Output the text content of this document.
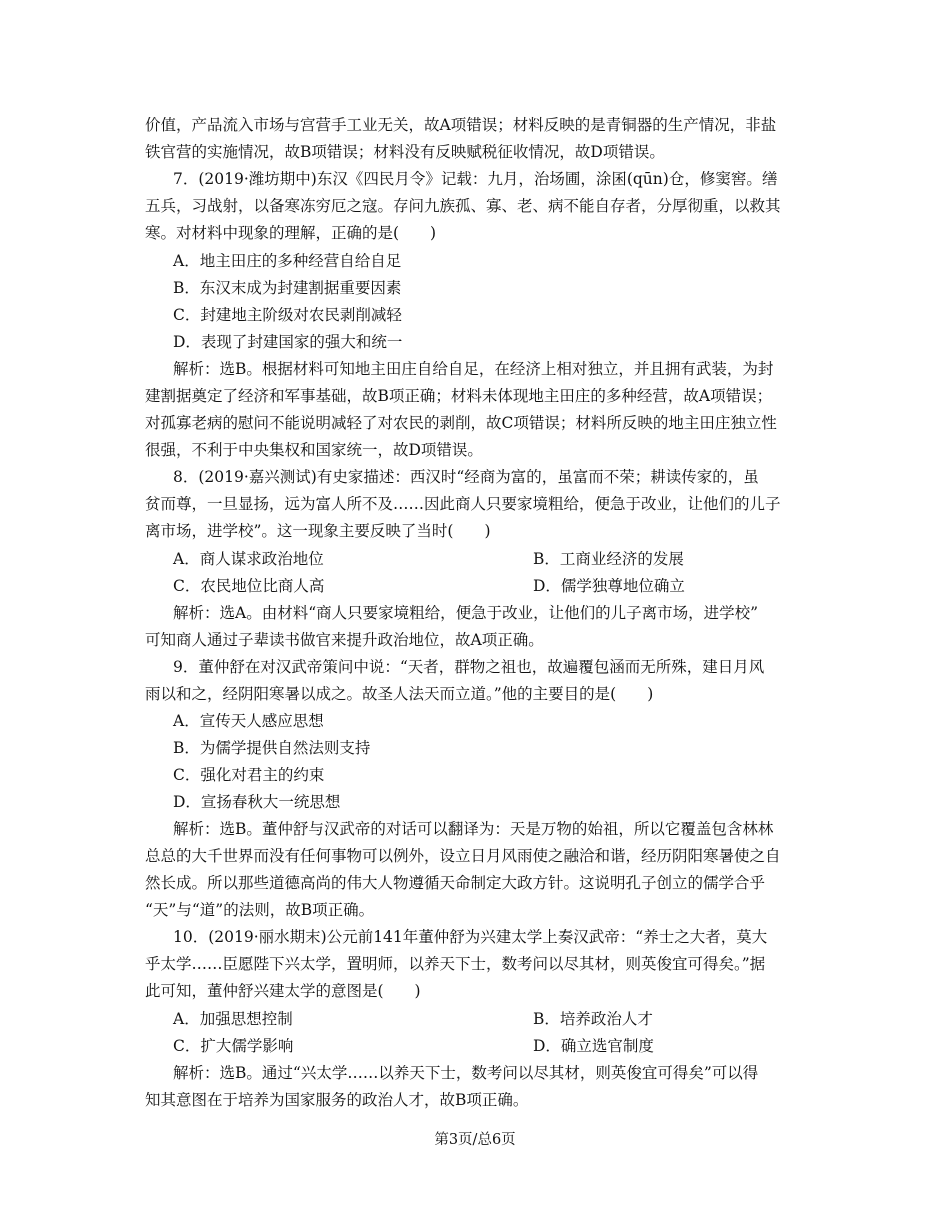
价值，产品流入市场与宫营手工业无关，故A项错误；材料反映的是青铜器的生产情况，非盐
铁官营的实施情况，故B项错误；材料没有反映赋税征收情况，故D项错误。
7．(2019·潍坊期中)东汉《四民月令》记载：九月，治场圃，涂囷(qūn)仓，修窦窖。缮
五兵，习战射，以备寒冻穷厄之寇。存问九族孤、寡、老、病不能自存者，分厚彻重，以救其
寒。对材料中现象的理解，正确的是(　　)
A．地主田庄的多种经营自给自足
B．东汉末成为封建割据重要因素
C．封建地主阶级对农民剥削减轻
D．表现了封建国家的强大和统一
解析：选B。根据材料可知地主田庄自给自足，在经济上相对独立，并且拥有武装，为封
建割据奠定了经济和军事基础，故B项正确；材料未体现地主田庄的多种经营，故A项错误；
对孤寡老病的慰问不能说明减轻了对农民的剥削，故C项错误；材料所反映的地主田庄独立性
很强，不利于中央集权和国家统一，故D项错误。
8．(2019·嘉兴测试)有史家描述：西汉时“经商为富的，虽富而不荣；耕读传家的，虽
贫而尊，一旦显扬，远为富人所不及……因此商人只要家境粗给，便急于改业，让他们的儿子
离市场，进学校”。这一现象主要反映了当时(　　)
A．商人谋求政治地位	B．工商业经济的发展
C．农民地位比商人高	D．儒学独尊地位确立
解析：选A。由材料“商人只要家境粗给，便急于改业，让他们的儿子离市场，进学校”
可知商人通过子辈读书做官来提升政治地位，故A项正确。
9．董仲舒在对汉武帝策问中说：“天者，群物之祖也，故遍覆包涵而无所殊，建日月风
雨以和之，经阴阳寒暑以成之。故圣人法天而立道。”他的主要目的是(　　)
A．宣传天人感应思想
B．为儒学提供自然法则支持
C．强化对君主的约束
D．宣扬春秋大一统思想
解析：选B。董仲舒与汉武帝的对话可以翻译为：天是万物的始祖，所以它覆盖包含林林
总总的大千世界而没有任何事物可以例外，设立日月风雨使之融洽和谐，经历阴阳寒暑使之自
然长成。所以那些道德高尚的伟大人物遵循天命制定大政方针。这说明孔子创立的儒学合乎
“天”与“道”的法则，故B项正确。
10．(2019·丽水期末)公元前141年董仲舒为兴建太学上奏汉武帝：“养士之大者，莫大
乎太学……臣愿陛下兴太学，置明师，以养天下士，数考问以尽其材，则英俊宜可得矣。”据
此可知，董仲舒兴建太学的意图是(　　)
A．加强思想控制	B．培养政治人才
C．扩大儒学影响	D．确立选官制度
解析：选B。通过“兴太学……以养天下士，数考问以尽其材，则英俊宜可得矣”可以得
知其意图在于培养为国家服务的政治人才，故B项正确。
第3页/总6页
